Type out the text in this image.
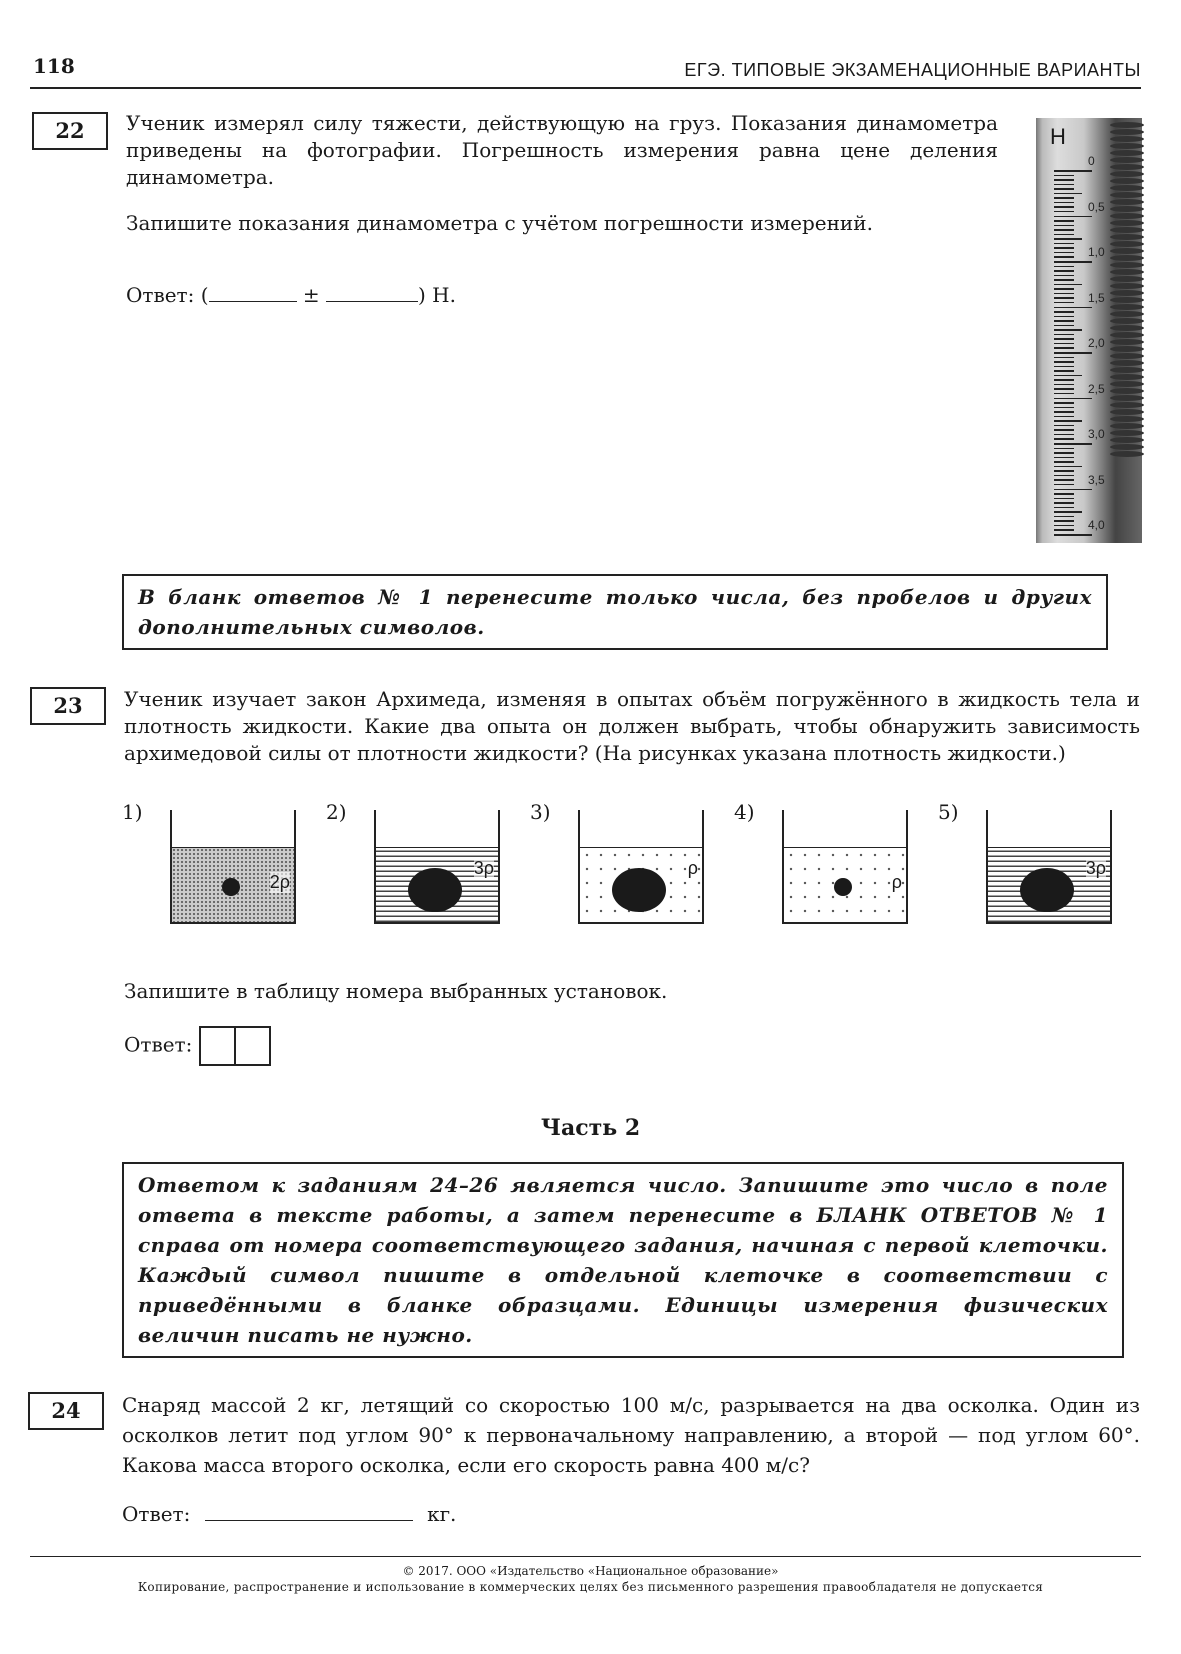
118	ЕГЭ. ТИПОВЫЕ ЭКЗАМЕНАЦИОННЫЕ ВАРИАНТЫ
22	Ученик измерял силу тяжести, действующую на груз. Показания динамометра приведены на фотографии. Погрешность измерения равна цене деления динамометра.
Запишите показания динамометра с учётом погрешности измерений.
Ответ: (	±	) Н.
Н
0
0,5
1,0
1,5
2,0
2,5
3,0
3,5
4,0
В бланк ответов № 1 перенесите только числа, без пробелов и других дополнительных символов.
23	Ученик изучает закон Архимеда, изменяя в опытах объём погружённого в жидкость тела и плотность жидкости. Какие два опыта он должен выбрать, чтобы обнаружить зависимость архимедовой силы от плотности жидкости? (На рисунках указана плотность жидкости.)
1)
2ρ
2)
3ρ
3)
ρ
4)
ρ
5)
3ρ
Запишите в таблицу номера выбранных установок.
Ответ:
Часть 2
Ответом к заданиям 24–26 является число. Запишите это число в поле ответа в тексте работы, а затем перенесите в БЛАНК ОТВЕТОВ № 1 справа от номера соответствующего задания, начиная с первой клеточки. Каждый символ пишите в отдельной клеточке в соответствии с приведёнными в бланке образцами. Единицы измерения физических величин писать не нужно.
24	Снаряд массой 2 кг, летящий со скоростью 100 м/с, разрывается на два осколка. Один из осколков летит под углом 90° к первоначальному направлению, а второй — под углом 60°. Какова масса второго осколка, если его скорость равна 400 м/с?
Ответ:	кг.
© 2017. ООО «Издательство «Национальное образование»
Копирование, распространение и использование в коммерческих целях без письменного разрешения правообладателя не допускается
